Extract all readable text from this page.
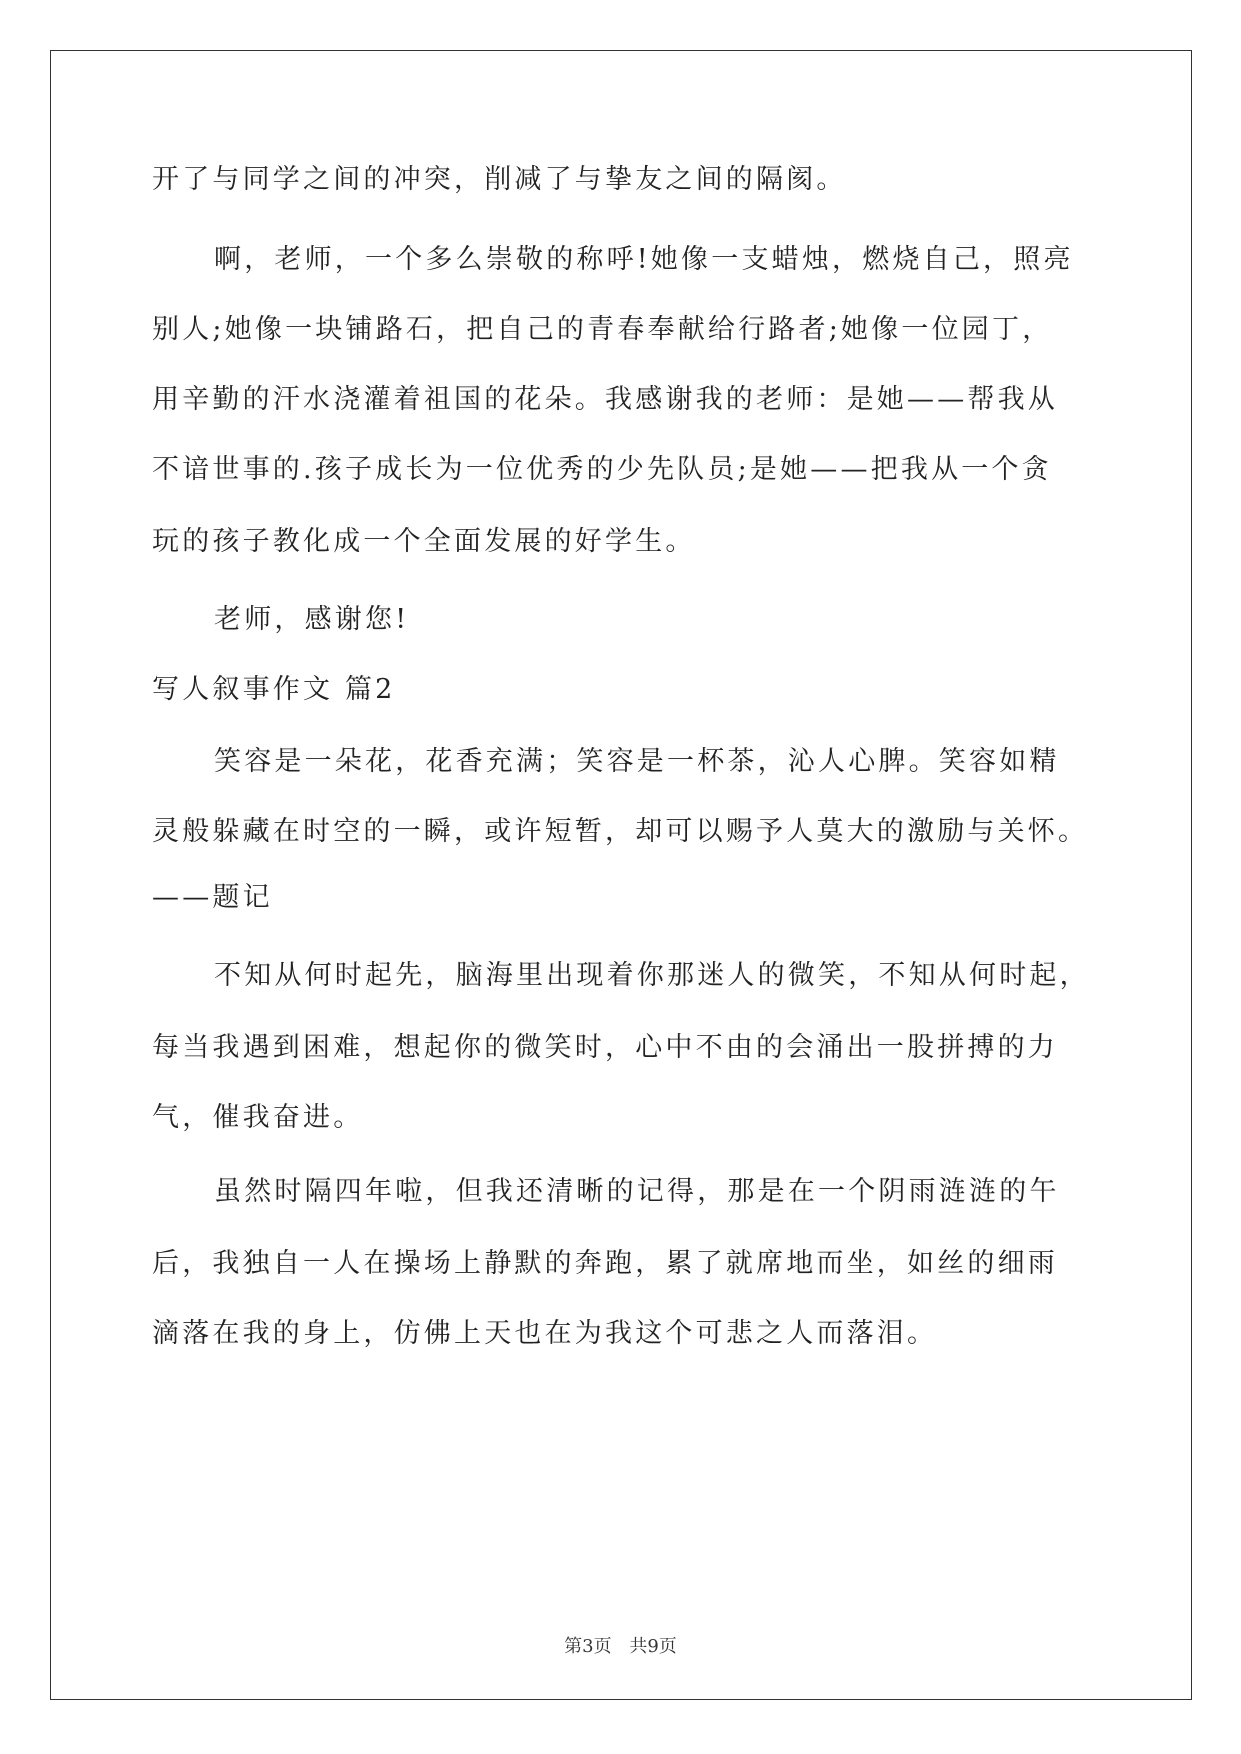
开了与同学之间的冲突，削减了与挚友之间的隔阂。
啊，老师，一个多么崇敬的称呼!她像一支蜡烛，燃烧自己，照亮
别人;她像一块铺路石，把自己的青春奉献给行路者;她像一位园丁，
用辛勤的汗水浇灌着祖国的花朵。我感谢我的老师：是她——帮我从
不谙世事的.孩子成长为一位优秀的少先队员;是她——把我从一个贪
玩的孩子教化成一个全面发展的好学生。
老师，感谢您!
写人叙事作文 篇2
笑容是一朵花，花香充满；笑容是一杯茶，沁人心脾。笑容如精
灵般躲藏在时空的一瞬，或许短暂，却可以赐予人莫大的激励与关怀。
——题记
不知从何时起先，脑海里出现着你那迷人的微笑，不知从何时起，
每当我遇到困难，想起你的微笑时，心中不由的会涌出一股拼搏的力
气，催我奋进。
虽然时隔四年啦，但我还清晰的记得，那是在一个阴雨涟涟的午
后，我独自一人在操场上静默的奔跑，累了就席地而坐，如丝的细雨
滴落在我的身上，仿佛上天也在为我这个可悲之人而落泪。
第3页 共9页
